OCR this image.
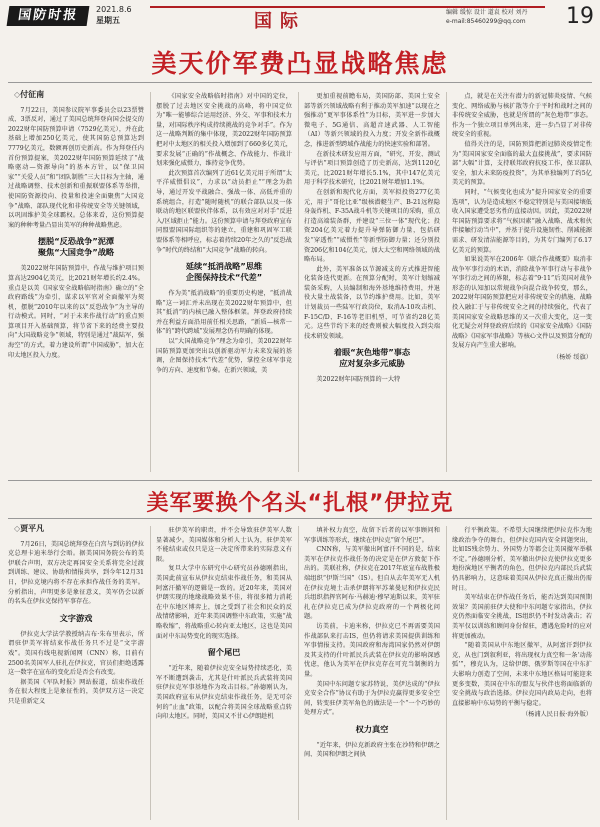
国防时报	2021.8.6
星期五	国际	编辑 缓惊 设计 道袁 校对 刘丹
e-mail:85460299@qq.com	19
美天价军费凸显战略焦虑
◇ 付征南

7月22日，美国参议院军事委员会以23票赞成、3票反对，通过了美国总统拜登向国会提交的2022财年国防预算申请（7529亿美元），并在此基础上增加250亿美元，使其国防总预算达到7779亿美元，数额再创历史新高。作为拜登任内首份预算提案，美2022财年国防预算延续了“战略驱动—资源导向”的基本方针，以“保卫国家”“关爱人员”和“团队制胜”三大目标为主轴，通过战略调整、技术创新和重振联盟体系等举措，使国防资源投向、投量和投速全面聚焦“大国竞争”战略、部队现代化和非传统安全等关键领域，以巩固维护美全球霸权。总体来看，这份预算提案的种种考量凸显出美军的种种战略焦虑。

摆脱“反恐战争”泥潭
聚焦“大国竞争”战略

美2022财年国防预算中，作战与维护项目预算高达2904亿美元，比2021财年增长约2.4%。重点是以美《国家安全战略临时指南》确立的“全政府路线”为牵引，谋求以军官对全面撤军为契机，摆脱“2010年以来的以“反恐战争”为主导的行动模式。同时，“对于未来作战行动”的重点预算项目开入基础预算，将节省下来的经费主要投向“大国战略竞争”领域，特别是通过“裁陆军，强海空”的方式，着力建设所谓“中国威胁”，加大在印太地区投入力度。

《国家安全战略临时指南》对中国的定位，摆脱了过去地区安全挑战的高峰，将中国定位为“唯一能够综合运用经济、外交、军事和技术力量，对国际秩序构成持续挑战的竞争对手”。作为这一战略判断的集中体现，美2022财年国防预算把对中太地区的相关投入增加到了660多亿美元，要求发展“正确的”作战概念、作战能力、作战计划来强化威慑力，维持竞争优势。

此次预算首次编列了近61亿美元用于所谓“太平洋威慑倡议”，力求以“动员拒止”“理念为指导，通过开发平战融合、强战一体、高低并重的系统组合，打造”随时随机“的联合部队以及一体联动的地区联盟伙伴体系，以有效应对对手“反进入/区域拒止”能力。这份预算申请与拜登政府宣布同盟盟国国际组织等的建立，重建和巩固军工联盟体系等相呼应，标志着持续20年之久的“反恐战争”时代的终结和“大国竞争”战略的转向。

延续“抵消战略”思维
企图保持技术“代差”

作为美“抵消战略”的重要历史构建，“抵消战略”这一词汇并未出现在美2022财年预算中，但其“抵消”的内核已融入整体框架。拜登政府持续并在利益方面沿用前任相关思路，“新质—核常一体”的“跨代跨域”发展理念仍有明确的体现。

以“大国战略竞争”理念为牵引，美2022财年国防预算更加突出以创新驱动军力未来发展的基调，企图保持技术“代差”优势，掌控全球军事竞争的方向、速度和节奏。在新兴领域，美

更加重视前瞻布局，美国防部、美国土安全部等新兴领域战略有利于推动美军加速“以现在之强推动“更军事体系性”为目标，美军进一步加大微电子、5G通信、高超音速武器、人工智能（AI）等新兴领域的投入力度；开发全新作战概念，推进新型跨域作战能力的快速实验和部署。

在新技术研发应用方面，“研究、开发、测试与评估”项目预算创造了历史新高，达到1120亿美元，比2021财年增长5.1%，其中147亿美元用于科学技术研究，比2021财年增加1.1%。

在创新和现代化方面，美军拟投资277亿美元，用于“哥伦比亚”级核潜艇生产、B-21远程隐身轰炸机、F-35A战斗机等关键项目的采购，重点打造高端装备群，并建设“三位一体”现代化；投资204亿美元着力提升导弹防御力量，包括研发“穿透性”“威慑性”等新型防御力量；还分别投资206亿和104亿美元，加大太空和网络领域的战略布局。

此外，美军准备以节源减支的方式推进智能化装备迭代更新。在预算分配时，美军计划缩减装备采购，人员编制和海外基地维持费用，并退役大量主战装备，以节约维护费用。比如，美军计划裁员一些陆军行政岗位，取消A-10攻击机、F-15C/D、F-16等老旧机型，可节省约28亿美元。这些节约下来的经费则被大幅度投入到尖端技术研发领域。

着眼“灰色地带”事态
应对复杂多元威胁

美2022财年国防预算的一大特

点，就是在关注有潜力的新冠肺炎疫情、气候变化、网络威胁与核扩散等介于平时和战时之间的非传统安全威胁，也就是所谓的“灰色地带”事态。作为一个独立项目单列出来，进一步凸显了对非传统安全的重视。

值得关注的是，国防预算把新冠肺炎疫情定性为“美国国家安全面临的最大直接挑战”，要求国防部“大幅”计算，支持联邦政府抗疫工作，保卫部队安全，加大未来防疫投资”，为其单独编列了约5亿美元的预算。

同时，“气候变化也成为”提升国家安全的重要选项”，认为是造成地区不稳定特别是与美国接壤低收入国家遭受恶劣性的直接动因。因此，美2022财年国防预算要求将“气候因素”融入战略、战术和伙伴接触行动当中”，并基于提升设施韧性、削减能源需求、研发清洁能源等目的，为其专门编列了6.17亿美元的预算。

如果说美军在2006年《联合作战概要》取消非战争军事行动的术语，消除战争军事行动与非战争军事行动之间的界限，标志着“9·11”后美国对战争形态的认知加以常规战争向混合战争转变，那么，2022财年国防预算把应对非传统安全的措施、战略投入融汇于与非传统安全之间的持续强化，代表了美国国家安全战略思维的又一次重大变化，这一变化无疑会对拜登政府后续的《国家安全战略》《国防战略》《国家军事战略》等核心文件以及预算分配的发展方向产生重大影响。

（杨娇 绥旗）
美军要换个名头“扎根”伊拉克
◇ 贾平凡

7月26日，美国总统拜登在白宫与到访的伊拉克总理卡迪米举行会晤。据美国国务院公布的美伊联合声明，双方决定再国安全关系将完全过渡到训练、建议、协助和情报共享，到今年12月31日，伊拉克境内将不存在承担作战任务的美军。分析指出，声明更多是象征意义，美军仍会以新的名头在伊拉克保持军事存在。

文字游戏

伊拉克大学法学教授纳吉布·朱布里表示，所谓驻伊美军将结束作战任务只不过是“文字游戏”。美国有线电视新闻网（CNN）称，目前有2500名美国军人驻扎在伊拉克，官员们拒绝透露这一数字在宣布的变化后是否会有改变。

据美国《军队时报》网站报道，结束作战任务在很大程度上是象征性的，美伊双方这一决定只是重新定义

驻伊美军的职责，并不会导致驻伊美军人数显著减少。美国媒体和分析人士认为，驻伊美军不能结束或仅只是这一决定所带来的实际意义有限。

复旦大学中东研究中心研究员孙德刚指出，美国此前宣布从伊拉克结束作战任务，和美国从阿富汗撤军的逻辑是一致的。近20年来，美国对伊朗实现的地缘战略效果不佳，将很多精力消耗在中东地区博弈上，加之受到了社会和民众的反战情绪影响，近年来美国调整中东政策，实施“战略收缩”，将战略重心转向亚太地区，这也是美国面对中东局势变化的现实选择。

留个尾巴

“近年来，随着伊拉克安全局势持续恶化，美军不断遭到袭击，尤其是什叶派民兵武装将美国驻伊拉克军事基地作为攻击目标。”孙德刚认为，美国政府宣布从伊拉克结束作战任务，是无可奈何的“止血”政策，以配合将美国全球战略重点转向印太地区。同时，美国又不甘心伊朗趁机

填补权力真空，故留下后者的以军事顾问和军事训练等形式，继续在伊拉克“留个尾巴”。

CNN称，与美军撤出阿富汗不同的是，结束美军在伊拉克作战任务的决定是在伊方敦促下作出的。美联社称，伊拉克在2017年底宣布战胜极端组织“伊斯兰国”（IS）。但自从去年美军无人机在伊拉克境土击杀伊朗将军苏莱曼尼和伊拉克民兵组织指挥官阿布·马赫迪·穆罕迪斯以来，美军驻扎在伊拉克已成为伊拉克政府的一个两极化问题。

访美前，卡迪米称，伊拉克已不再需要美国作战部队来打击IS，但仍将请求美国提供训练和军事情报支持。美国政府和海湾国家仍然对伊朗及其支持的什叶派民兵武装在伊拉克的影响深感忧虑，他认为美军在伊拉克存在可充当制衡的力量。

美国中东问题专家苏特说，美伊达成的“伊拉克安全合作”协议有助于为伊拉克赢得更多安全空间，转变驻伊美军角色的做法是一个“一个巧妙的处理方式”。

权力真空

“近年来，伊拉克新政府主张在沙特和伊朗之间、美国和伊朗之间执

行平衡政策。不希望大国继续把伊拉克作为地缘政治争夺的舞台，但伊拉克国内安全问题突出，比如IS残余势力、外国势力等都会让美国撤军举棋不定。”孙德刚分析，美军撤出伊拉克使伊拉克更多地扮演地区平衡者的角色，但伊拉克内部民兵武装仍具影响力，这意味着美国从伊拉克真正撤出仍需时日。

美军结束在伊作战任务后，能否达到美国预期效果？美国前驻伊大使和中东问题专家指出，伊拉克仍然面临安全挑战，IS组织仍不时发动袭击；若美军仅以训练和顾问身份留驻，遭遇危险时的应对将更加被动。

“随着美国从中东地区撤军，从阿富汗到伊拉克，从也门到叙利亚，将出现权力真空和一条‘动荡弧’”，穆克认为，这给伊朗、俄罗斯等国在中东扩大影响力创造了空间，未来中东地区格局可能迎来更多变数，美国在中东的盟友与伙伴也将面临新的安全挑战与政治选择。伊拉克国内政局走向，也将直接影响中东局势的平衡与稳定。

（杨浦人民日报·海外版）
